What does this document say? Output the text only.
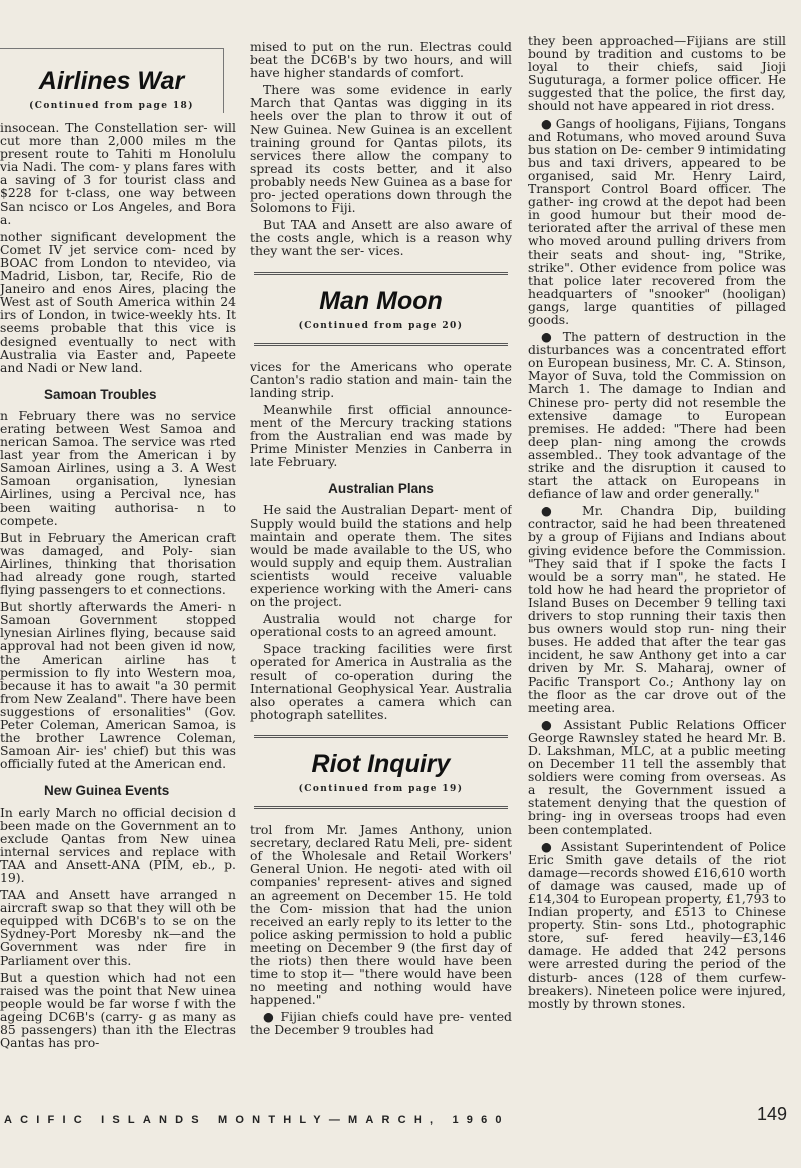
Airlines War
(Continued from page 18)

insocean. The Constellation ser- will cut more than 2,000 miles m the present route to Tahiti m Honolulu via Nadi. The com- y plans fares with a saving of 3 for tourist class and $228 for t-class, one way between San ncisco or Los Angeles, and Bora a.

nother significant development the Comet IV jet service com- nced by BOAC from London to ntevideo, via Madrid, Lisbon, tar, Recife, Rio de Janeiro and enos Aires, placing the West ast of South America within 24 irs of London, in twice-weekly hts. It seems probable that this vice is designed eventually to nect with Australia via Easter and, Papeete and Nadi or New land.

Samoan Troubles

n February there was no service erating between West Samoa and nerican Samoa. The service was rted last year from the American i by Samoan Airlines, using a 3. A West Samoan organisation, lynesian Airlines, using a Percival nce, has been waiting authorisa- n to compete.

But in February the American craft was damaged, and Poly- sian Airlines, thinking that thorisation had already gone rough, started flying passengers to et connections.

But shortly afterwards the Ameri- n Samoan Government stopped lynesian Airlines flying, because said approval had not been given id now, the American airline has t permission to fly into Western moa, because it has to await "a 30 permit from New Zealand". There have been suggestions of ersonalities" (Gov. Peter Coleman, American Samoa, is the brother Lawrence Coleman, Samoan Air- ies' chief) but this was officially futed at the American end.

New Guinea Events

In early March no official decision d been made on the Government an to exclude Qantas from New uinea internal services and replace with TAA and Ansett-ANA (PIM, eb., p. 19).

TAA and Ansett have arranged n aircraft swap so that they will oth be equipped with DC6B's to se on the Sydney-Port Moresby nk—and the Government was nder fire in Parliament over this.

But a question which had not een raised was the point that New uinea people would be far worse f with the ageing DC6B's (carry- g as many as 85 passengers) than ith the Electras Qantas has pro-

mised to put on the run. Electras could beat the DC6B's by two hours, and will have higher standards of comfort.

There was some evidence in early March that Qantas was digging in its heels over the plan to throw it out of New Guinea. New Guinea is an excellent training ground for Qantas pilots, its services there allow the company to spread its costs better, and it also probably needs New Guinea as a base for pro- jected operations down through the Solomons to Fiji.

But TAA and Ansett are also aware of the costs angle, which is a reason why they want the ser- vices.

Man Moon
(Continued from page 20)

vices for the Americans who operate Canton's radio station and main- tain the landing strip.

Meanwhile first official announce- ment of the Mercury tracking stations from the Australian end was made by Prime Minister Menzies in Canberra in late February.

Australian Plans

He said the Australian Depart- ment of Supply would build the stations and help maintain and operate them. The sites would be made available to the US, who would supply and equip them. Australian scientists would receive valuable experience working with the Ameri- cans on the project.

Australia would not charge for operational costs to an agreed amount.

Space tracking facilities were first operated for America in Australia as the result of co-operation during the International Geophysical Year. Australia also operates a camera which can photograph satellites.

Riot Inquiry
(Continued from page 19)

trol from Mr. James Anthony, union secretary, declared Ratu Meli, pre- sident of the Wholesale and Retail Workers' General Union. He negoti- ated with oil companies' represent- atives and signed an agreement on December 15. He told the Com- mission that had the union received an early reply to its letter to the police asking permission to hold a public meeting on December 9 (the first day of the riots) then there would have been time to stop it— "there would have been no meeting and nothing would have happened."

● Fijian chiefs could have pre- vented the December 9 troubles had

they been approached—Fijians are still bound by tradition and customs to be loyal to their chiefs, said Jioji Suguturaga, a former police officer. He suggested that the police, the first day, should not have appeared in riot dress.

● Gangs of hooligans, Fijians, Tongans and Rotumans, who moved around Suva bus station on De- cember 9 intimidating bus and taxi drivers, appeared to be organised, said Mr. Henry Laird, Transport Control Board officer. The gather- ing crowd at the depot had been in good humour but their mood de- teriorated after the arrival of these men who moved around pulling drivers from their seats and shout- ing, "Strike, strike". Other evidence from police was that police later recovered from the headquarters of "snooker" (hooligan) gangs, large quantities of pillaged goods.

● The pattern of destruction in the disturbances was a concentrated effort on European business, Mr. C. A. Stinson, Mayor of Suva, told the Commission on March 1. The damage to Indian and Chinese pro- perty did not resemble the extensive damage to European premises. He added: "There had been deep plan- ning among the crowds assembled.. They took advantage of the strike and the disruption it caused to start the attack on Europeans in defiance of law and order generally."

● Mr. Chandra Dip, building contractor, said he had been threatened by a group of Fijians and Indians about giving evidence before the Commission. "They said that if I spoke the facts I would be a sorry man", he stated. He told how he had heard the proprietor of Island Buses on December 9 telling taxi drivers to stop running their taxis then bus owners would stop run- ning their buses. He added that after the tear gas incident, he saw Anthony get into a car driven by Mr. S. Maharaj, owner of Pacific Transport Co.; Anthony lay on the floor as the car drove out of the meeting area.

● Assistant Public Relations Officer George Rawnsley stated he heard Mr. B. D. Lakshman, MLC, at a public meeting on December 11 tell the assembly that soldiers were coming from overseas. As a result, the Government issued a statement denying that the question of bring- ing in overseas troops had even been contemplated.

● Assistant Superintendent of Police Eric Smith gave details of the riot damage—records showed £16,610 worth of damage was caused, made up of £14,304 to European property, £1,793 to Indian property, and £513 to Chinese property. Stin- sons Ltd., photographic store, suf- fered heavily—£3,146 damage. He added that 242 persons were arrested during the period of the disturb- ances (128 of them curfew-breakers). Nineteen police were injured, mostly by thrown stones.

ACIFIC ISLANDS MONTHLY—MARCH, 1960	149
